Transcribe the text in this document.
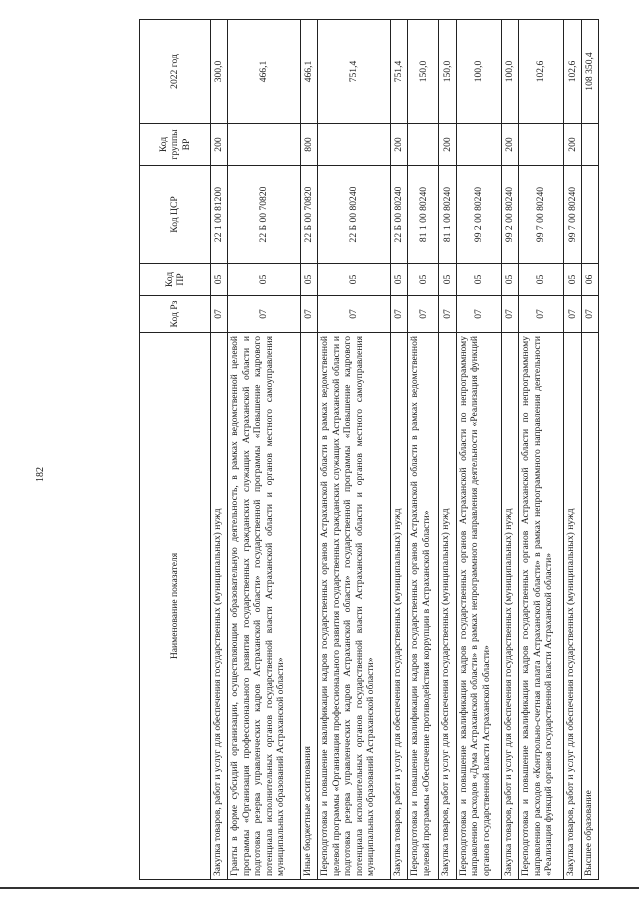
182
Наименование показателя	Код Рз	Код ПР	Код ЦСР	Код группы ВР	2022 год
Закупка товаров, работ и услуг для обеспечения государственных (муниципальных) нужд	07	05	22 1 00 81200	200	300,0
Гранты в форме субсидий организации, осуществляющим образовательную деятельность, в рамках ведомственной целевой программы «Организация профессионального развития государственных гражданских служащих Астраханской области и подготовка резерва управленческих кадров Астраханской области» государственной программы «Повышение кадрового потенциала исполнительных органов государственной власти Астраханской области и органов местного самоуправления муниципальных образований Астраханской области»	07	05	22 Б 00 70820		466,1
Иные бюджетные ассигнования	07	05	22 Б 00 70820	800	466,1
Переподготовка и повышение квалификации кадров государственных органов Астраханской области в рамках ведомственной целевой программы «Организация профессионального развития государственных гражданских служащих Астраханской области и подготовка резерва управленческих кадров Астраханской области» государственной программы «Повышение кадрового потенциала исполнительных органов государственной власти Астраханской области и органов местного самоуправления муниципальных образований Астраханской области»	07	05	22 Б 00 80240		751,4
Закупка товаров, работ и услуг для обеспечения государственных (муниципальных) нужд	07	05	22 Б 00 80240	200	751,4
Переподготовка и повышение квалификации кадров государственных органов Астраханской области в рамках ведомственной целевой программы «Обеспечение противодействия коррупции в Астраханской области»	07	05	81 1 00 80240		150,0
Закупка товаров, работ и услуг для обеспечения государственных (муниципальных) нужд	07	05	81 1 00 80240	200	150,0
Переподготовка и повышение квалификации кадров государственных органов Астраханской области по непрограммному направлению расходов «Дума Астраханской области» в рамках непрограммного направления деятельности «Реализация функций органов государственной власти Астраханской области»	07	05	99 2 00 80240		100,0
Закупка товаров, работ и услуг для обеспечения государственных (муниципальных) нужд	07	05	99 2 00 80240	200	100,0
Переподготовка и повышение квалификации кадров государственных органов Астраханской области по непрограммному направлению расходов «Контрольно-счетная палата Астраханской области» в рамках непрограммного направления деятельности «Реализация функций органов государственной власти Астраханской области»	07	05	99 7 00 80240		102,6
Закупка товаров, работ и услуг для обеспечения государственных (муниципальных) нужд	07	05	99 7 00 80240	200	102,6
Высшее образование	07	06			108 350,4
